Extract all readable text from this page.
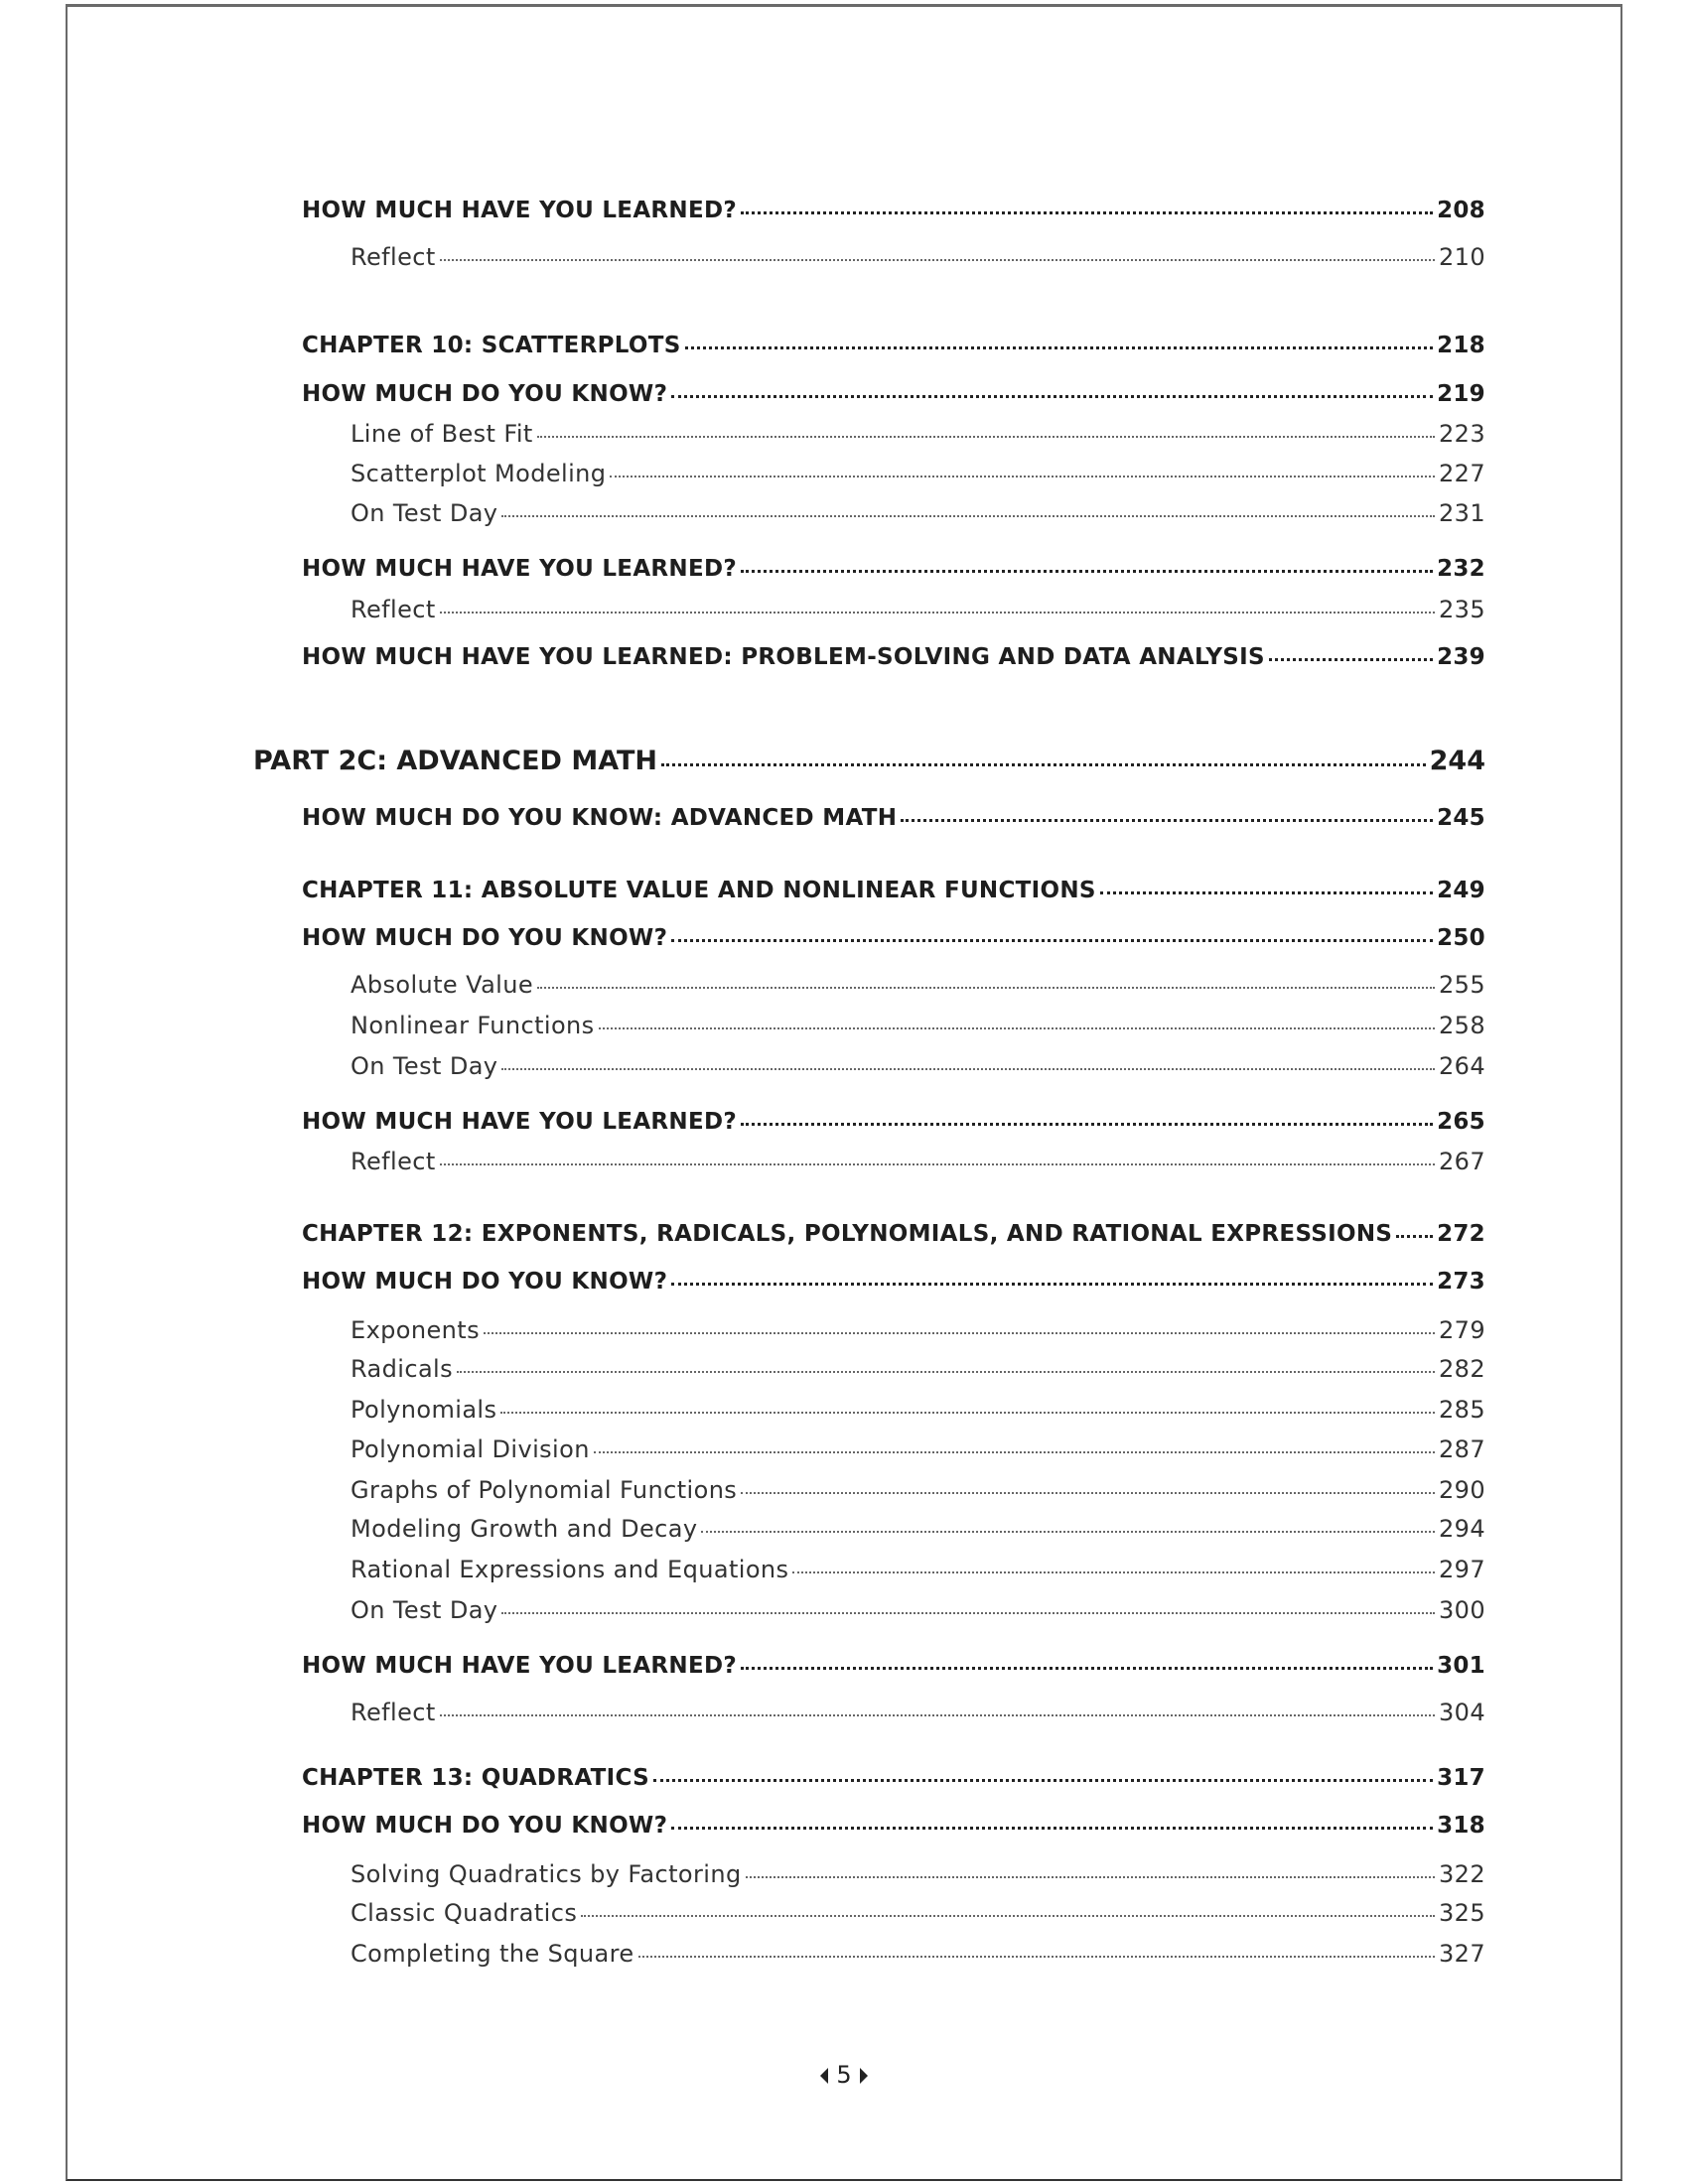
HOW MUCH HAVE YOU LEARNED?	208
Reflect	210
CHAPTER 10: SCATTERPLOTS	218
HOW MUCH DO YOU KNOW?	219
Line of Best Fit	223
Scatterplot Modeling	227
On Test Day	231
HOW MUCH HAVE YOU LEARNED?	232
Reflect	235
HOW MUCH HAVE YOU LEARNED: PROBLEM-SOLVING AND DATA ANALYSIS	239
PART 2C: ADVANCED MATH	244
HOW MUCH DO YOU KNOW: ADVANCED MATH	245
CHAPTER 11: ABSOLUTE VALUE AND NONLINEAR FUNCTIONS	249
HOW MUCH DO YOU KNOW?	250
Absolute Value	255
Nonlinear Functions	258
On Test Day	264
HOW MUCH HAVE YOU LEARNED?	265
Reflect	267
CHAPTER 12: EXPONENTS, RADICALS, POLYNOMIALS, AND RATIONAL EXPRESSIONS 272
HOW MUCH DO YOU KNOW?	273
Exponents	279
Radicals	282
Polynomials	285
Polynomial Division	287
Graphs of Polynomial Functions	290
Modeling Growth and Decay	294
Rational Expressions and Equations	297
On Test Day	300
HOW MUCH HAVE YOU LEARNED?	301
Reflect	304
CHAPTER 13: QUADRATICS	317
HOW MUCH DO YOU KNOW?	318
Solving Quadratics by Factoring	322
Classic Quadratics	325
Completing the Square	327
5
